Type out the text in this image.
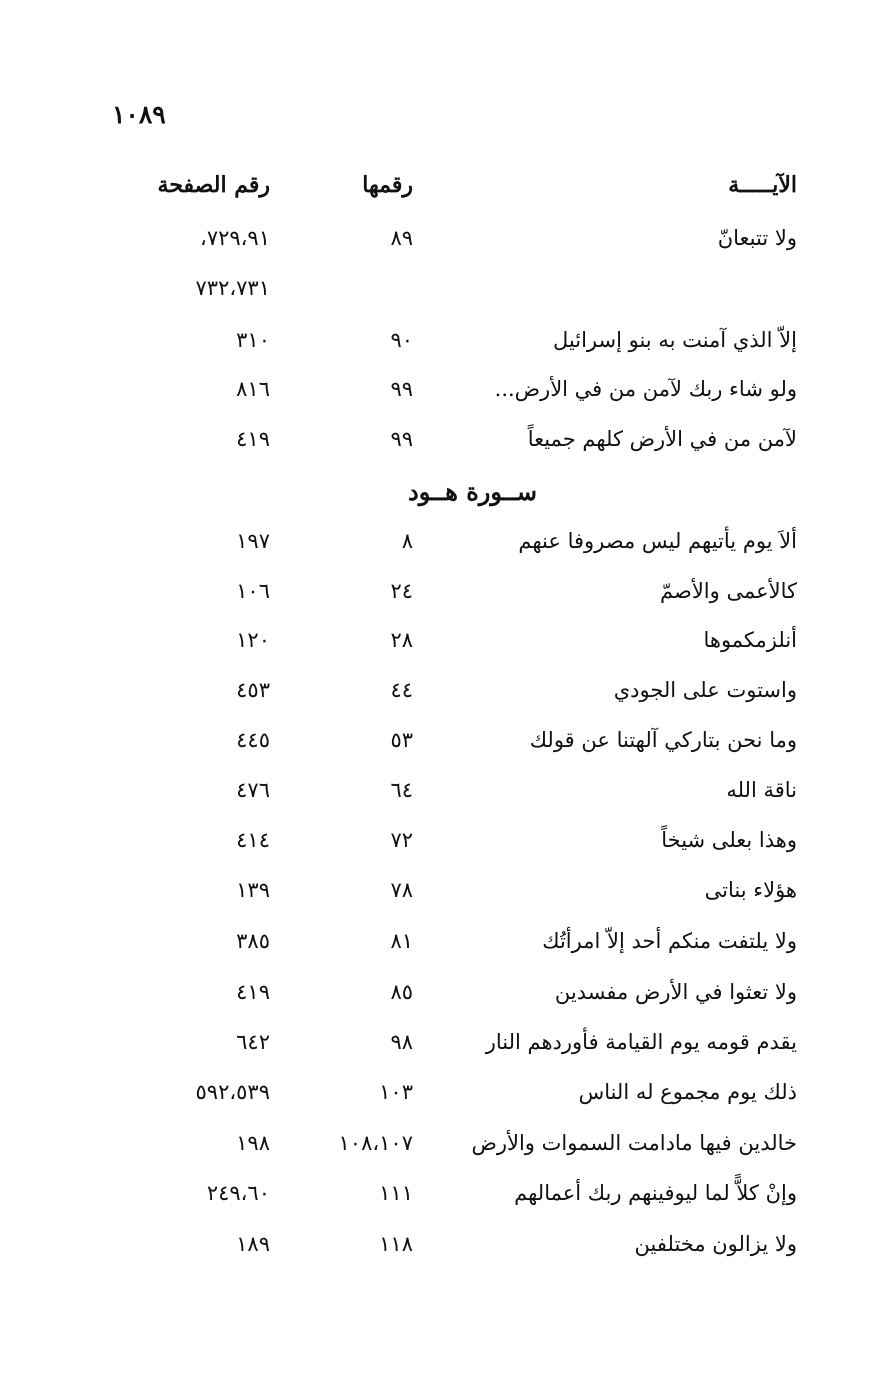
١٠٨٩
الآيـــــة
رقمها
رقم الصفحة
ولا تتبعانّ
٨٩
٧٢٩،٩١،
٧٣٢،٧٣١
إلاّ الذي آمنت به بنو إسرائيل
٩٠
٣١٠
ولو شاء ربك لآمن من في الأرض...
٩٩
٨١٦
لآمن من في الأرض كلهم جميعاً
٩٩
٤١٩
ســورة هــود
ألاَ يوم يأتيهم ليس مصروفا عنهم
٨
١٩٧
كالأعمى والأصمّ
٢٤
١٠٦
أنلزمكموها
٢٨
١٢٠
واستوت على الجودي
٤٤
٤٥٣
وما نحن بتاركي آلهتنا عن قولك
٥٣
٤٤٥
ناقة الله
٦٤
٤٧٦
وهذا بعلى شيخاً
٧٢
٤١٤
هؤلاء بناتى
٧٨
١٣٩
ولا يلتفت منكم أحد إلاّ امرأتُك
٨١
٣٨٥
ولا تعثوا في الأرض مفسدين
٨٥
٤١٩
يقدم قومه يوم القيامة فأوردهم النار
٩٨
٦٤٢
ذلك يوم مجموع له الناس
١٠٣
٥٩٢،٥٣٩
خالدين فيها مادامت السموات والأرض
١٠٨،١٠٧
١٩٨
وإنْ كلاًّ لما ليوفينهم ربك أعمالهم
١١١
٢٤٩،٦٠
ولا يزالون مختلفين
١١٨
١٨٩
